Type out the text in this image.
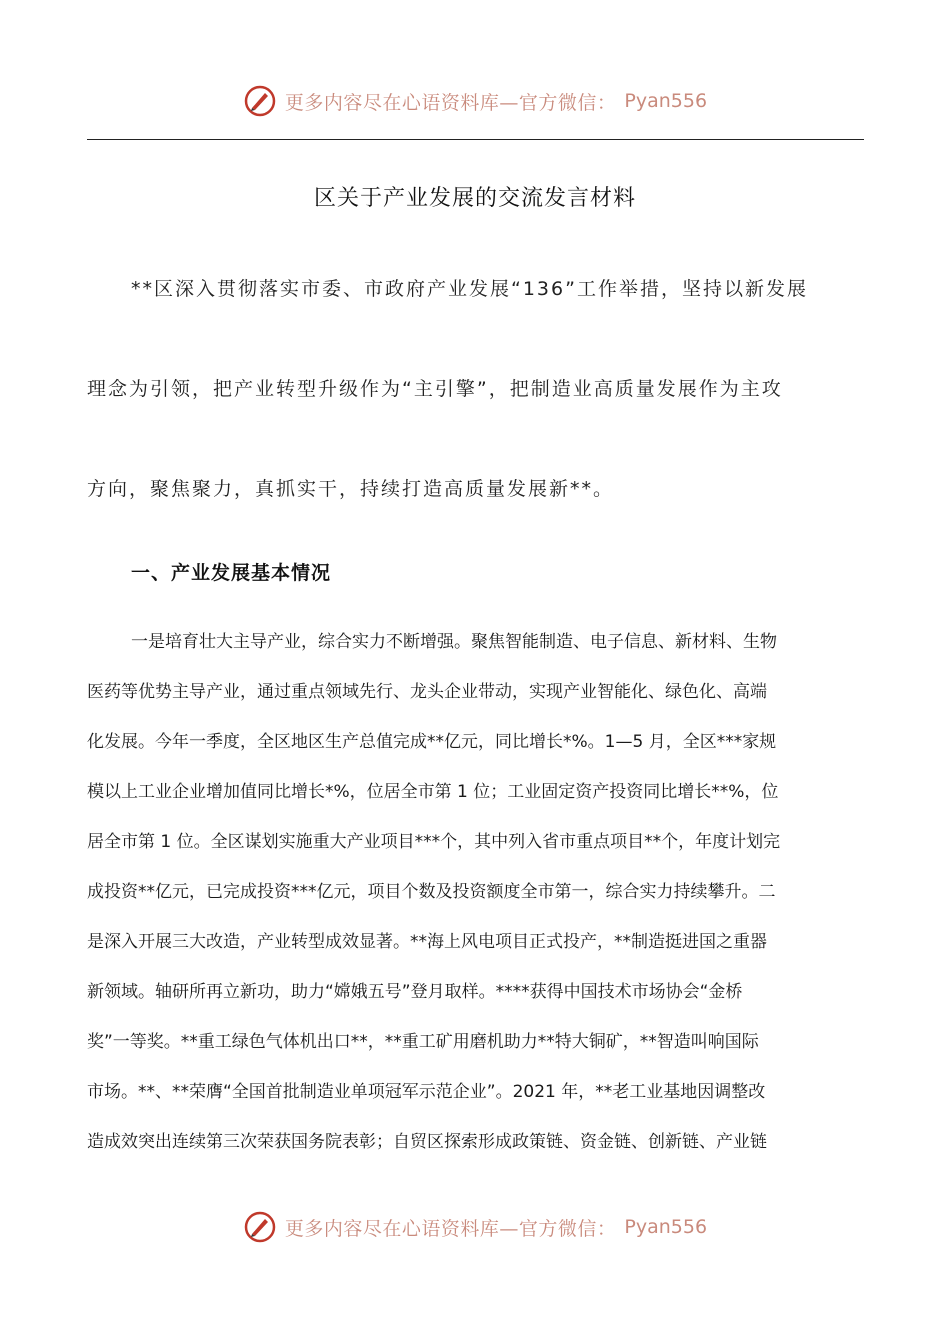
更多内容尽在心语资料库—官方微信： Pyan556
区关于产业发展的交流发言材料
**区深入贯彻落实市委、市政府产业发展“136”工作举措，坚持以新发展
理念为引领，把产业转型升级作为“主引擎”，把制造业高质量发展作为主攻
方向，聚焦聚力，真抓实干，持续打造高质量发展新**。
一、产业发展基本情况
一是培育壮大主导产业，综合实力不断增强。聚焦智能制造、电子信息、新材料、生物
医药等优势主导产业，通过重点领域先行、龙头企业带动，实现产业智能化、绿色化、高端
化发展。今年一季度，全区地区生产总值完成**亿元，同比增长*%。1—5 月，全区***家规
模以上工业企业增加值同比增长*%，位居全市第 1 位；工业固定资产投资同比增长**%，位
居全市第 1 位。全区谋划实施重大产业项目***个，其中列入省市重点项目**个，年度计划完
成投资**亿元，已完成投资***亿元，项目个数及投资额度全市第一，综合实力持续攀升。二
是深入开展三大改造，产业转型成效显著。**海上风电项目正式投产，**制造挺进国之重器
新领域。轴研所再立新功，助力“嫦娥五号”登月取样。****获得中国技术市场协会“金桥
奖”一等奖。**重工绿色气体机出口**，**重工矿用磨机助力**特大铜矿，**智造叫响国际
市场。**、**荣膺“全国首批制造业单项冠军示范企业”。2021 年，**老工业基地因调整改
造成效突出连续第三次荣获国务院表彰；自贸区探索形成政策链、资金链、创新链、产业链
更多内容尽在心语资料库—官方微信： Pyan556
